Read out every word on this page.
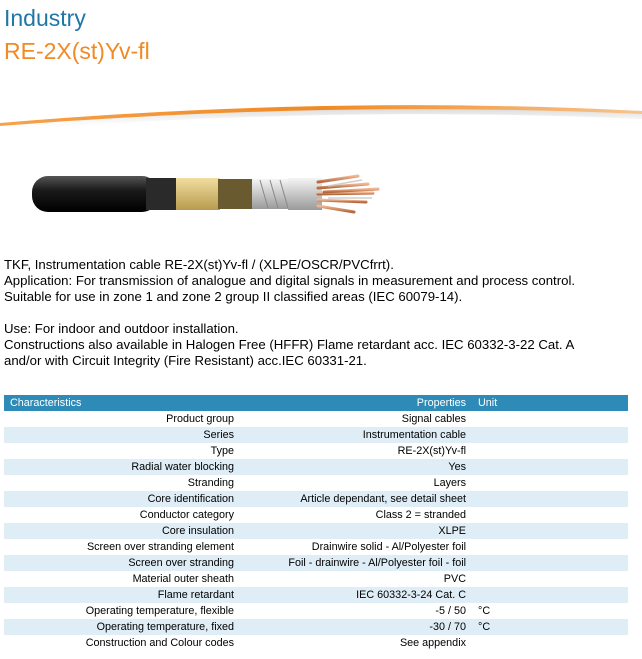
Industry
RE-2X(st)Yv-fl
TKF, Instrumentation cable RE-2X(st)Yv-fl / (XLPE/OSCR/PVCfrrt).
Application: For transmission of analogue and digital signals in measurement and process control.
Suitable for use in zone 1 and zone 2 group II classified areas (IEC 60079-14).
Use: For indoor and outdoor installation.
Constructions also available in Halogen Free (HFFR) Flame retardant acc. IEC 60332-3-22 Cat. A
and/or with Circuit Integrity (Fire Resistant) acc.IEC 60331-21.
Characteristics	Properties	Unit
Product group	Signal cables	
Series	Instrumentation cable	
Type	RE-2X(st)Yv-fl	
Radial water blocking	Yes	
Stranding	Layers	
Core identification	Article dependant, see detail sheet	
Conductor category	Class 2 = stranded	
Core insulation	XLPE	
Screen over stranding element	Drainwire solid - Al/Polyester foil	
Screen over stranding	Foil - drainwire - Al/Polyester foil - foil	
Material outer sheath	PVC	
Flame retardant	IEC 60332-3-24 Cat. C	
Operating temperature, flexible	-5 / 50	°C
Operating temperature, fixed	-30 / 70	°C
Construction and Colour codes	See appendix	
